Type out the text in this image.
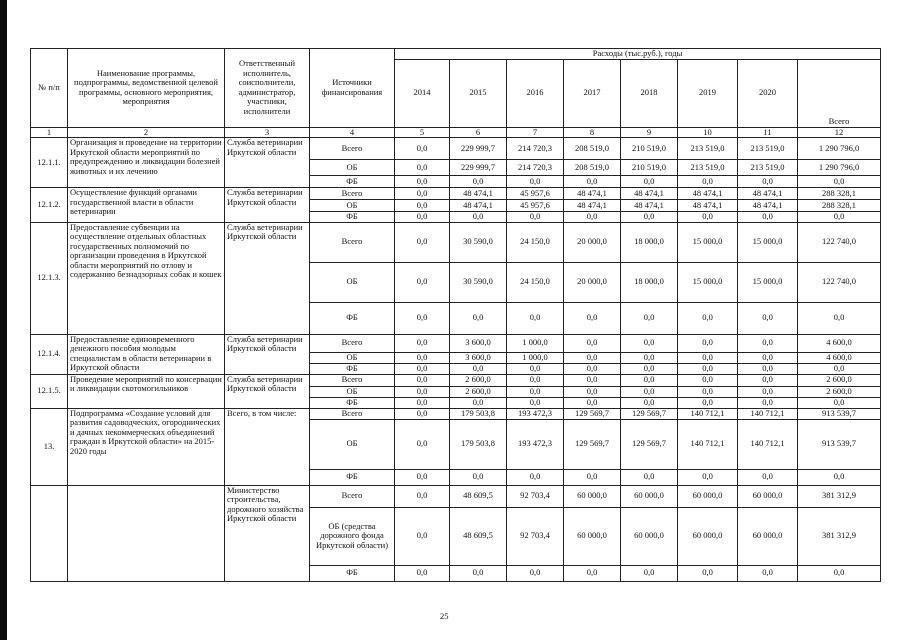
№ п/п	Наименование программы, подпрограммы, ведомственной целевой программы, основного мероприятия, мероприятия	Ответственный исполнитель, соисполнители, администратор, участники, исполнители	Источники финансирования	Расходы (тыс.руб.), годы							
				2014	2015	2016	2017	2018	2019	2020	Всего
1	2	3	4	5	6	7	8	9	10	11	12
12.1.1.	Организация и проведение на территории Иркутской области мероприятий по предупреждению и ликвидации болезней животных и их лечению	Служба ветеринарии Иркутской области	Всего	0,0	229 999,7	214 720,3	208 519,0	210 519,0	213 519,0	213 519,0	1 290 796,0
			ОБ	0,0	229 999,7	214 720,3	208 519,0	210 519,0	213 519,0	213 519,0	1 290 796,0
			ФБ	0,0	0,0	0,0	0,0	0,0	0,0	0,0	0,0
12.1.2.	Осуществление функций органами государственной власти в области ветеринарии	Служба ветеринарии Иркутской области	Всего	0,0	48 474,1	45 957,6	48 474,1	48 474,1	48 474,1	48 474,1	288 328,1
			ОБ	0,0	48 474,1	45 957,6	48 474,1	48 474,1	48 474,1	48 474,1	288 328,1
			ФБ	0,0	0,0	0,0	0,0	0,0	0,0	0,0	0,0
12.1.3.	Предоставление субвенции на осуществление отдельных областных государственных полномочий по организации проведения в Иркутской области мероприятий по отлову и содержанию безнадзорных собак и кошек	Служба ветеринарии Иркутской области	Всего	0,0	30 590,0	24 150,0	20 000,0	18 000,0	15 000,0	15 000,0	122 740,0
			ОБ	0,0	30 590,0	24 150,0	20 000,0	18 000,0	15 000,0	15 000,0	122 740,0
			ФБ	0,0	0,0	0,0	0,0	0,0	0,0	0,0	0,0
12.1.4.	Предоставление единовременного денежного пособия молодым специалистам в области ветеринарии в Иркутской области	Служба ветеринарии Иркутской области	Всего	0,0	3 600,0	1 000,0	0,0	0,0	0,0	0,0	4 600,0
			ОБ	0,0	3 600,0	1 000,0	0,0	0,0	0,0	0,0	4 600,0
			ФБ	0,0	0,0	0,0	0,0	0,0	0,0	0,0	0,0
12.1.5.	Проведение мероприятий по консервации и ликвидации скотомогильников	Служба ветеринарии Иркутской области	Всего	0,0	2 600,0	0,0	0,0	0,0	0,0	0,0	2 600,0
			ОБ	0,0	2 600,0	0,0	0,0	0,0	0,0	0,0	2 600,0
			ФБ	0,0	0,0	0,0	0,0	0,0	0,0	0,0	0,0
13.	Подпрограмма «Создание условий для развития садоводческих, огороднических и дачных некоммерческих объединений граждан в Иркутской области» на 2015-2020 годы	Всего, в том числе:	Всего	0,0	179 503,8	193 472,3	129 569,7	129 569,7	140 712,1	140 712,1	913 539,7
			ОБ	0,0	179 503,8	193 472,3	129 569,7	129 569,7	140 712,1	140 712,1	913 539,7
			ФБ	0,0	0,0	0,0	0,0	0,0	0,0	0,0	0,0
		Министерство строительства, дорожного хозяйства Иркутской области	Всего	0,0	48 609,5	92 703,4	60 000,0	60 000,0	60 000,0	60 000,0	381 312,9
			ОБ (средства дорожного фонда Иркутской области)	0,0	48 609,5	92 703,4	60 000,0	60 000,0	60 000,0	60 000,0	381 312,9
			ФБ	0,0	0,0	0,0	0,0	0,0	0,0	0,0	0,0
25
